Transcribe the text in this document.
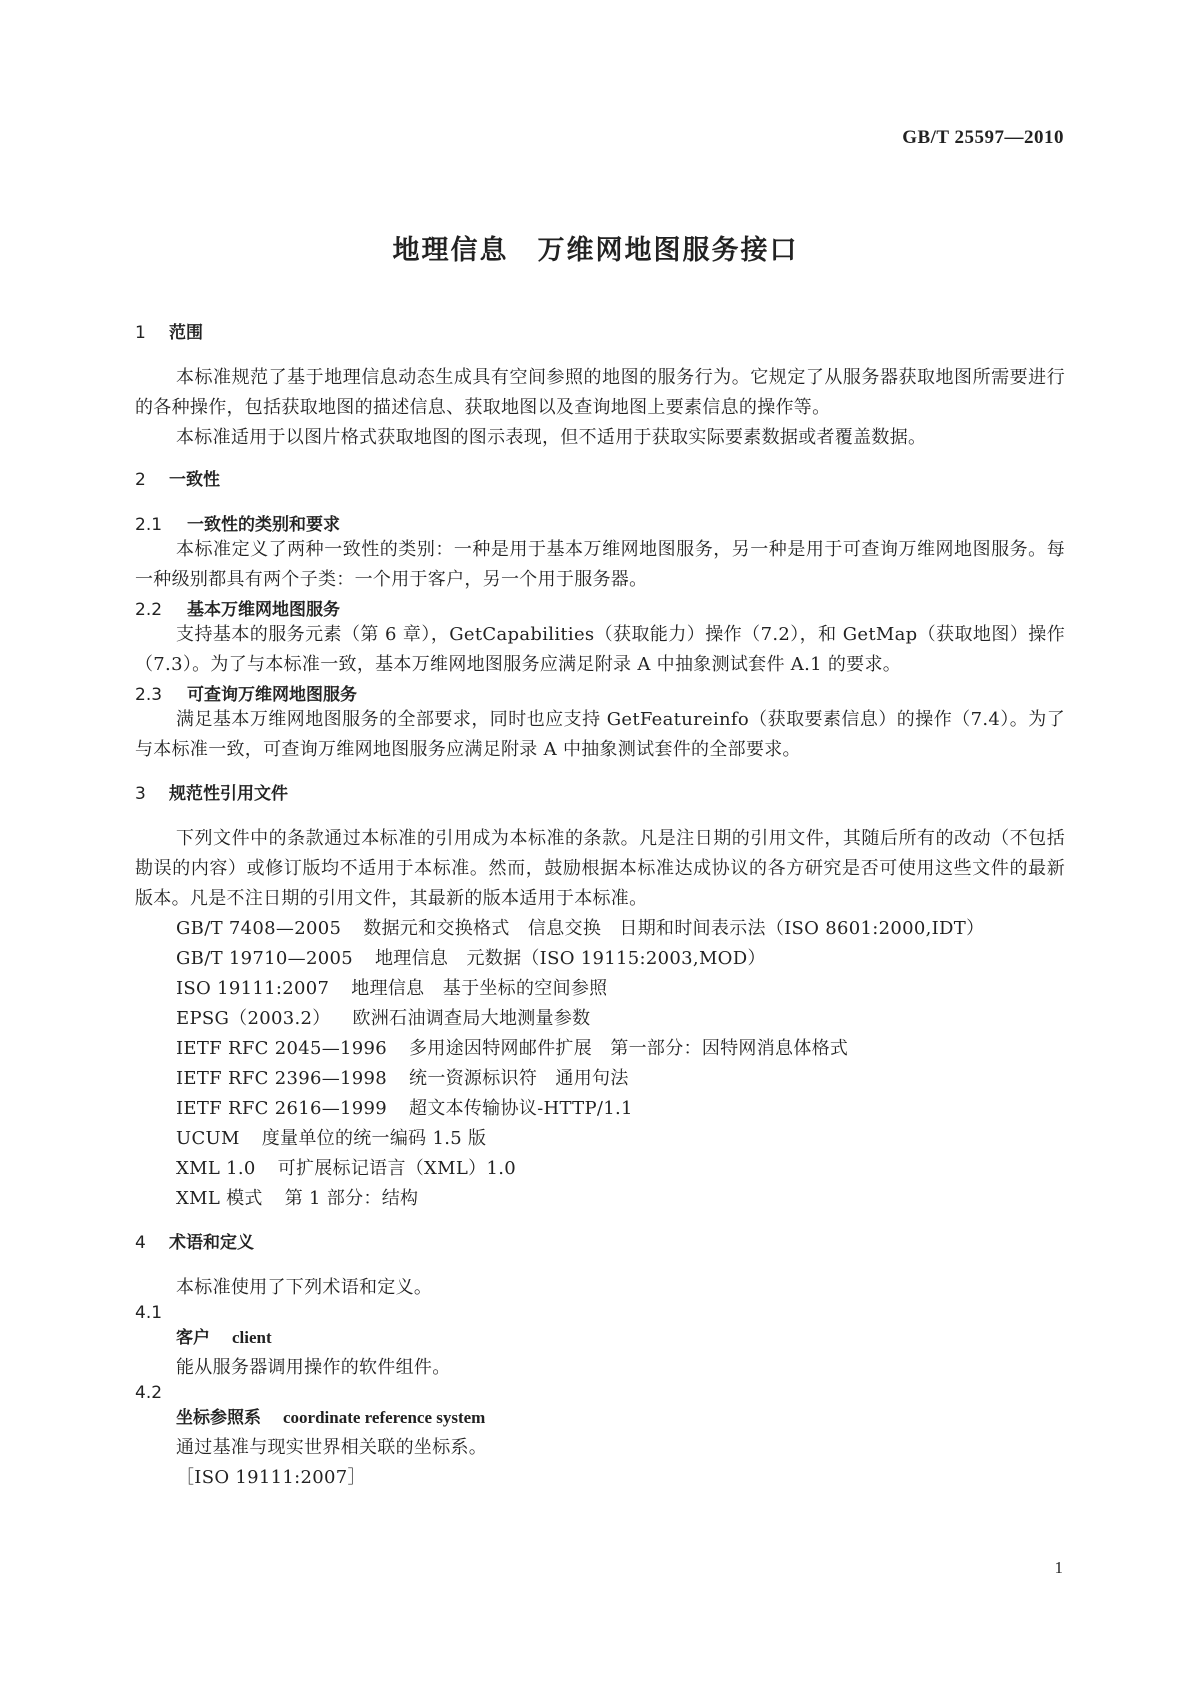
GB/T 25597—2010
地理信息　万维网地图服务接口

1 范围

本标准规范了基于地理信息动态生成具有空间参照的地图的服务行为。它规定了从服务器获取地图所需要进行的各种操作，包括获取地图的描述信息、获取地图以及查询地图上要素信息的操作等。

本标准适用于以图片格式获取地图的图示表现，但不适用于获取实际要素数据或者覆盖数据。

2 一致性

2.1 一致性的类别和要求

本标准定义了两种一致性的类别：一种是用于基本万维网地图服务，另一种是用于可查询万维网地图服务。每一种级别都具有两个子类：一个用于客户，另一个用于服务器。

2.2 基本万维网地图服务

支持基本的服务元素（第 6 章），GetCapabilities（获取能力）操作（7.2），和 GetMap（获取地图）操作（7.3）。为了与本标准一致，基本万维网地图服务应满足附录 A 中抽象测试套件 A.1 的要求。

2.3 可查询万维网地图服务

满足基本万维网地图服务的全部要求，同时也应支持 GetFeatureinfo（获取要素信息）的操作（7.4）。为了与本标准一致，可查询万维网地图服务应满足附录 A 中抽象测试套件的全部要求。

3 规范性引用文件

下列文件中的条款通过本标准的引用成为本标准的条款。凡是注日期的引用文件，其随后所有的改动（不包括勘误的内容）或修订版均不适用于本标准。然而，鼓励根据本标准达成协议的各方研究是否可使用这些文件的最新版本。凡是不注日期的引用文件，其最新的版本适用于本标准。

GB/T 7408—2005 数据元和交换格式　信息交换　日期和时间表示法（ISO 8601:2000,IDT）

GB/T 19710—2005 地理信息　元数据（ISO 19115:2003,MOD）

ISO 19111:2007 地理信息　基于坐标的空间参照

EPSG（2003.2） 欧洲石油调查局大地测量参数

IETF RFC 2045—1996 多用途因特网邮件扩展　第一部分：因特网消息体格式

IETF RFC 2396—1998 统一资源标识符　通用句法

IETF RFC 2616—1999 超文本传输协议-HTTP/1.1

UCUM 度量单位的统一编码 1.5 版

XML 1.0 可扩展标记语言（XML）1.0

XML 模式 第 1 部分：结构

4 术语和定义

本标准使用了下列术语和定义。

4.1

客户 client

能从服务器调用操作的软件组件。

4.2

坐标参照系 coordinate reference system

通过基准与现实世界相关联的坐标系。

［ISO 19111:2007］

1
